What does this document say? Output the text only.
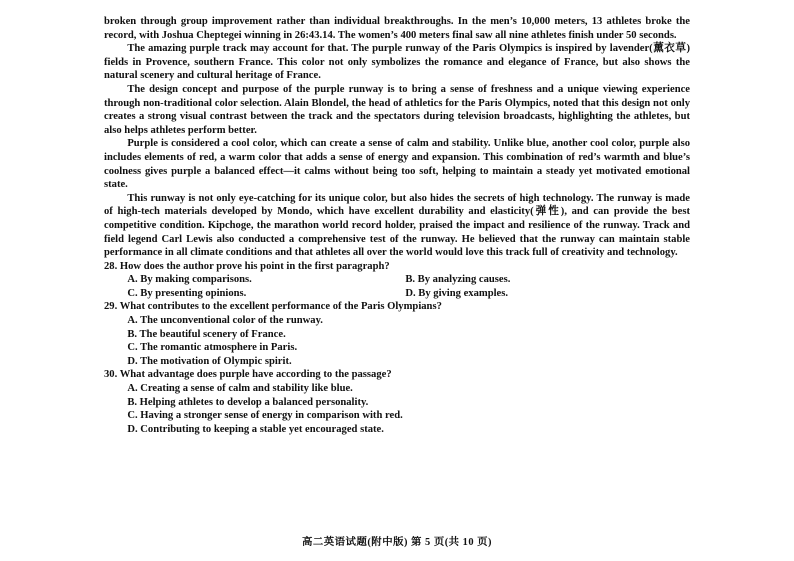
broken through group improvement rather than individual breakthroughs. In the men’s 10,000 meters, 13 athletes broke the record, with Joshua Cheptegei winning in 26:43.14. The women’s 400 meters final saw all nine athletes finish under 50 seconds.

The amazing purple track may account for that. The purple runway of the Paris Olympics is inspired by lavender(薰衣草) fields in Provence, southern France. This color not only symbolizes the romance and elegance of France, but also shows the natural scenery and cultural heritage of France.

The design concept and purpose of the purple runway is to bring a sense of freshness and a unique viewing experience through non-traditional color selection. Alain Blondel, the head of athletics for the Paris Olympics, noted that this design not only creates a strong visual contrast between the track and the spectators during television broadcasts, highlighting the athletes, but also helps athletes perform better.

Purple is considered a cool color, which can create a sense of calm and stability. Unlike blue, another cool color, purple also includes elements of red, a warm color that adds a sense of energy and expansion. This combination of red’s warmth and blue’s coolness gives purple a balanced effect—it calms without being too soft, helping to maintain a steady yet motivated emotional state.

This runway is not only eye-catching for its unique color, but also hides the secrets of high technology. The runway is made of high-tech materials developed by Mondo, which have excellent durability and elasticity(弹性), and can provide the best competitive condition. Kipchoge, the marathon world record holder, praised the impact and resilience of the runway. Track and field legend Carl Lewis also conducted a comprehensive test of the runway. He believed that the runway can maintain stable performance in all climate conditions and that athletes all over the world would love this track full of creativity and technology.

28. How does the author prove his point in the first paragraph?

A. By making comparisons.	B. By analyzing causes.
C. By presenting opinions.	D. By giving examples.

29. What contributes to the excellent performance of the Paris Olympians?

A. The unconventional color of the runway.

B. The beautiful scenery of France.

C. The romantic atmosphere in Paris.

D. The motivation of Olympic spirit.

30. What advantage does purple have according to the passage?

A. Creating a sense of calm and stability like blue.

B. Helping athletes to develop a balanced personality.

C. Having a stronger sense of energy in comparison with red.

D. Contributing to keeping a stable yet encouraged state.

高二英语试题(附中版) 第 5 页(共 10 页)
